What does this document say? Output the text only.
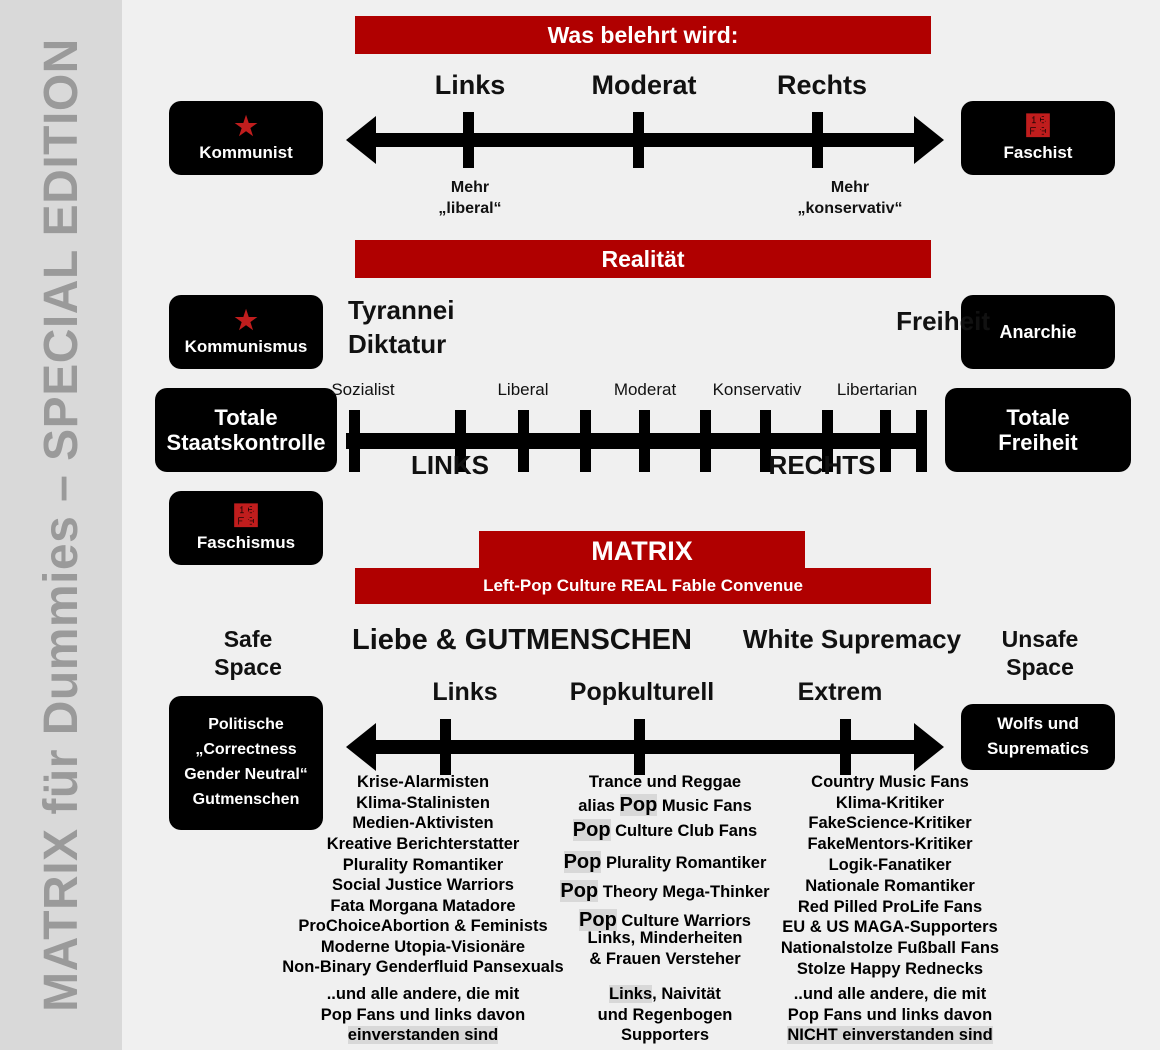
MATRIX für Dummies – SPECIAL EDITION
Was belehrt wird:
★
Kommunist
᛹
Faschist
Links	Moderat	Rechts
Mehr
„liberal“
Mehr
„konservativ“
Realität
★
Kommunismus
Totale
Staatskontrolle
᛹
Faschismus
Anarchie
Totale
Freiheit
Tyrannei
Diktatur
Freiheit
Sozialist	Liberal	Moderat	Konservativ	Libertarian
LINKS	RECHTS
MATRIX
Left-Pop Culture REAL Fable Convenue
Safe
Space
Unsafe
Space
Politische
„Correctness
Gender Neutral“
Gutmenschen
Wolfs und
Suprematics
Liebe & GUTMENSCHEN White Supremacy
Links	Popkulturell	Extrem
Krise-Alarmisten
Klima-Stalinisten
Medien-Aktivisten
Kreative Berichterstatter
Plurality Romantiker
Social Justice Warriors
Fata Morgana Matadore
ProChoiceAbortion & Feminists
Moderne Utopia-Visionäre
Non-Binary Genderfluid Pansexuals
..und alle andere, die mit
Pop Fans und links davon
einverstanden sind
Trance und Reggae
alias Pop Music Fans
Pop Culture Club Fans
Pop Plurality Romantiker
Pop Theory Mega-Thinker
Pop Culture Warriors
Links, Minderheiten
& Frauen Versteher
Links, Naivität
und Regenbogen
Supporters
Country Music Fans
Klima-Kritiker
FakeScience-Kritiker
FakeMentors-Kritiker
Logik-Fanatiker
Nationale Romantiker
Red Pilled ProLife Fans
EU & US MAGA-Supporters
Nationalstolze Fußball Fans
Stolze Happy Rednecks
..und alle andere, die mit
Pop Fans und links davon
NICHT einverstanden sind
